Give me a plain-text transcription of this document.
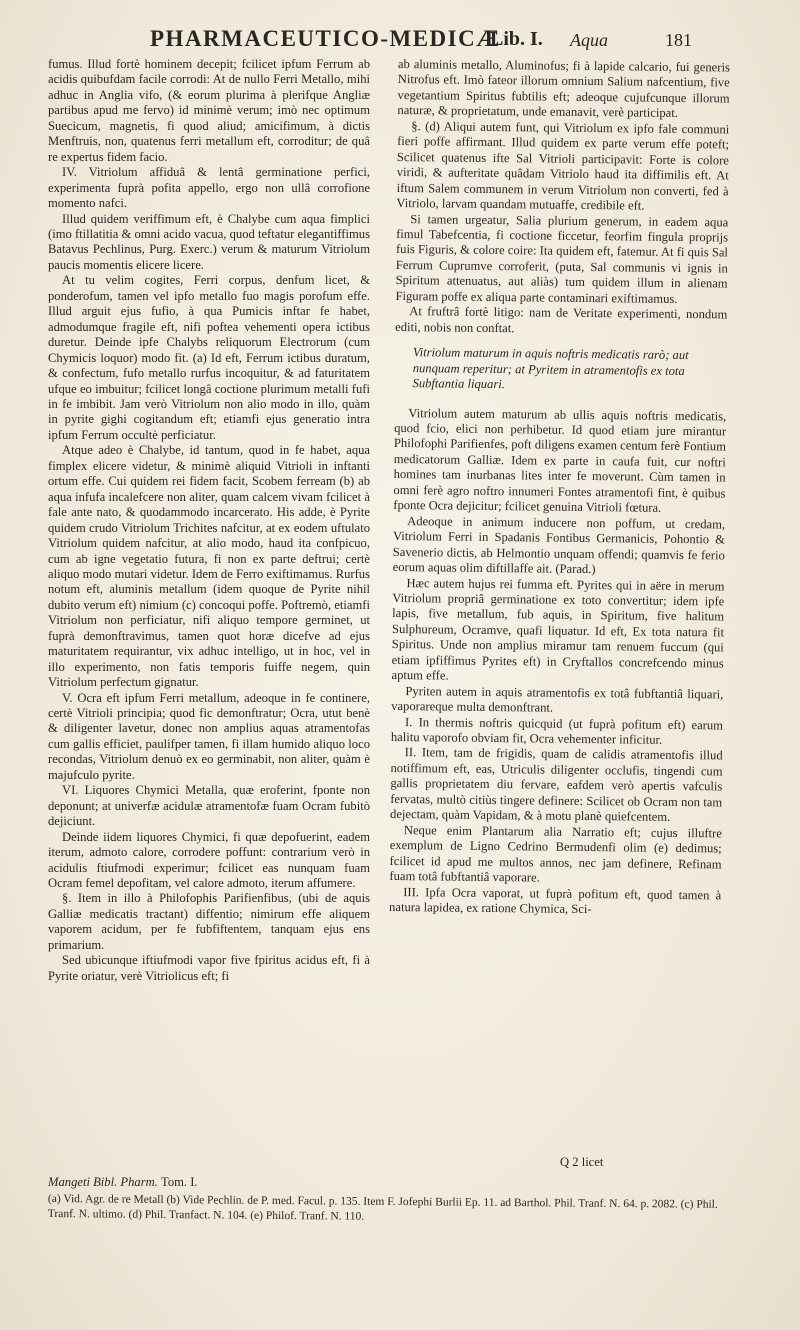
PHARMACEUTICO-MEDICÆ
Lib. I. Aqua	181

fumus. Illud fortè hominem decepit; fcilicet ipfum Ferrum ab acidis quibufdam facile corrodi: At de nullo Ferri Metallo, mihi adhuc in Anglia vifo, (& eorum plurima à plerifque Angliæ partibus apud me fervo) id minimè verum; imò nec optimum Suecicum, magnetis, fi quod aliud; amicifimum, à dictis Menftruis, non, quatenus ferri metallum eft, corroditur; de quâ re expertus fidem facio.

IV. Vitriolum affiduâ & lentâ germinatione perfici, experimenta fuprà pofita appello, ergo non ullâ corrofione momento nafci.

Illud quidem veriffimum eft, è Chalybe cum aqua fimplici (imo ftillatitia & omni acido vacua, quod teftatur elegantiffimus Batavus Pechlinus, Purg. Exerc.) verum & maturum Vitriolum paucis momentis elicere licere.

At tu velim cogites, Ferri corpus, denfum licet, & ponderofum, tamen vel ipfo metallo fuo magis porofum effe. Illud arguit ejus fufio, à qua Pumicis inftar fe habet, admodumque fragile eft, nifi poftea vehementi opera ictibus duretur. Deinde ipfe Chalybs reliquorum Electrorum (cum Chymicis loquor) modo fit. (a) Id eft, Ferrum ictibus duratum, & confectum, fufo metallo rurfus incoquitur, & ad faturitatem ufque eo imbuitur; fcilicet longâ coctione plurimum metalli fufi in fe imbibit. Jam verò Vitriolum non alio modo in illo, quàm in pyrite gighi cogitandum eft; etiamfi ejus generatio intra ipfum Ferrum occultè perficiatur.

Atque adeo è Chalybe, id tantum, quod in fe habet, aqua fimplex elicere videtur, & minimè aliquid Vitrioli in inftanti ortum effe. Cui quidem rei fidem facit, Scobem ferream (b) ab aqua infufa incalefcere non aliter, quam calcem vivam fcilicet à fale ante nato, & quodammodo incarcerato. His adde, è Pyrite quidem crudo Vitriolum Trichites nafcitur, at ex eodem uftulato Vitriolum quidem nafcitur, at alio modo, haud ita confpicuo, cum ab igne vegetatio futura, fi non ex parte deftrui; certè aliquo modo mutari videtur. Idem de Ferro exiftimamus. Rurfus notum eft, aluminis metallum (idem quoque de Pyrite nihil dubito verum eft) nimium (c) concoqui poffe. Poftremò, etiamfi Vitriolum non perficiatur, nifi aliquo tempore germinet, ut fuprà demonftravimus, tamen quot horæ dicefve ad ejus maturitatem requirantur, vix adhuc intelligo, ut in hoc, vel in illo experimento, non fatis temporis fuiffe negem, quin Vitriolum perfectum gignatur.

V. Ocra eft ipfum Ferri metallum, adeoque in fe continere, certè Vitrioli principia; quod fic demonftratur; Ocra, utut benè & diligenter lavetur, donec non amplius aquas atramentofas cum gallis efficiet, paulifper tamen, fi illam humido aliquo loco recondas, Vitriolum denuò ex eo germinabit, non aliter, quàm è majufculo pyrite.

VI. Liquores Chymici Metalla, quæ eroferint, fponte non deponunt; at univerfæ acidulæ atramentofæ fuam Ocram fubitò dejiciunt.

Deinde iidem liquores Chymici, fi quæ depofuerint, eadem iterum, admoto calore, corrodere poffunt: contrarium verò in acidulis ftiufmodi experimur; fcilicet eas nunquam fuam Ocram femel depofitam, vel calore admoto, iterum affumere.

§. Item in illo à Philofophis Parifienfibus, (ubi de aquis Galliæ medicatis tractant) diffentio; nimirum effe aliquem vaporem acidum, per fe fubfiftentem, tanquam ejus ens primarium.

Sed ubicunque iftiufmodi vapor five fpiritus acidus eft, fi à Pyrite oriatur, verè Vitriolicus eft; fi

ab aluminis metallo, Aluminofus; fi à lapide calcario, fui generis Nitrofus eft. Imò fateor illorum omnium Salium nafcentium, five vegetantium Spiritus fubtilis eft; adeoque cujufcunque illorum naturæ, & proprietatum, unde emanavit, verè participat.

§. (d) Aliqui autem funt, qui Vitriolum ex ipfo fale communi fieri poffe affirmant. Illud quidem ex parte verum effe poteft; Scilicet quatenus ifte Sal Vitrioli participavit: Forte is colore viridi, & aufteritate quâdam Vitriolo haud ita diffimilis eft. At iftum Salem communem in verum Vitriolum non converti, fed à Vitriolo, larvam quandam mutuaffe, credibile eft.

Si tamen urgeatur, Salia plurium generum, in eadem aqua fimul Tabefcentia, fi coctione ficcetur, feorfim fingula proprijs fuis Figuris, & colore coire: Ita quidem eft, fatemur. At fi quis Sal Ferrum Cuprumve corroferit, (puta, Sal communis vi ignis in Spiritum attenuatus, aut aliàs) tum quidem illum in alienam Figuram poffe ex aliqua parte contaminari exiftimamus.

At fruftrâ fortè litigo: nam de Veritate experimenti, nondum editi, nobis non conftat.

Vitriolum maturum in aquis noftris medicatis rarò; aut nunquam reperitur; at Pyritem in atramentofis ex tota Subftantia liquari.

Vitriolum autem maturum ab ullis aquis noftris medicatis, quod fcio, elici non perhibetur. Id quod etiam jure mirantur Philofophi Parifienfes, poft diligens examen centum ferè Fontium medicatorum Galliæ. Idem ex parte in caufa fuit, cur noftri homines tam inurbanas lites inter fe moverunt. Cùm tamen in omni ferè agro noftro innumeri Fontes atramentofi fint, è quibus fponte Ocra dejicitur; fcilicet genuina Vitrioli fœtura.

Adeoque in animum inducere non poffum, ut credam, Vitriolum Ferri in Spadanis Fontibus Germanicis, Pohontio & Savenerio dictis, ab Helmontio unquam offendi; quamvis fe ferio eorum aquas olim diftillaffe ait. (Parad.)

Hæc autem hujus rei fumma eft. Pyrites qui in aëre in merum Vitriolum propriâ germinatione ex toto convertitur; idem ipfe lapis, five metallum, fub aquis, in Spiritum, five halitum Sulphureum, Ocramve, quafi liquatur. Id eft, Ex tota natura fit Spiritus. Unde non amplius miramur tam renuem fuccum (qui etiam ipfiffimus Pyrites eft) in Cryftallos concrefcendo minus aptum effe.

Pyriten autem in aquis atramentofis ex totâ fubftantiâ liquari, vaporareque multa demonftrant.

I. In thermis noftris quicquid (ut fuprà pofitum eft) earum halitu vaporofo obviam fit, Ocra vehementer inficitur.

II. Item, tam de frigidis, quam de calidis atramentofis illud notiffimum eft, eas, Utriculis diligenter occlufis, tingendi cum gallis proprietatem diu fervare, eafdem verò apertis vafculis fervatas, multò citiùs tingere definere: Scilicet ob Ocram non tam dejectam, quàm Vapidam, & à motu planè quiefcentem.

Neque enim Plantarum alia Narratio eft; cujus illuftre exemplum de Ligno Cedrino Bermudenfi olim (e) dedimus; fcilicet id apud me multos annos, nec jam definere, Refinam fuam totâ fubftantiâ vaporare.

III. Ipfa Ocra vaporat, ut fuprà pofitum eft, quod tamen à natura lapidea, ex ratione Chymica, Sci-

Q 2 licet
Mangeti Bibl. Pharm. Tom. I.
(a) Vid. Agr. de re Metall (b) Vide Pechlin. de P. med. Facul. p. 135. Item F. Jofephi Burlii Ep. 11. ad Barthol. Phil. Tranf. N. 64. p. 2082. (c) Phil. Tranf. N. ultimo. (d) Phil. Tranfact. N. 104. (e) Philof. Tranf. N. 110.
